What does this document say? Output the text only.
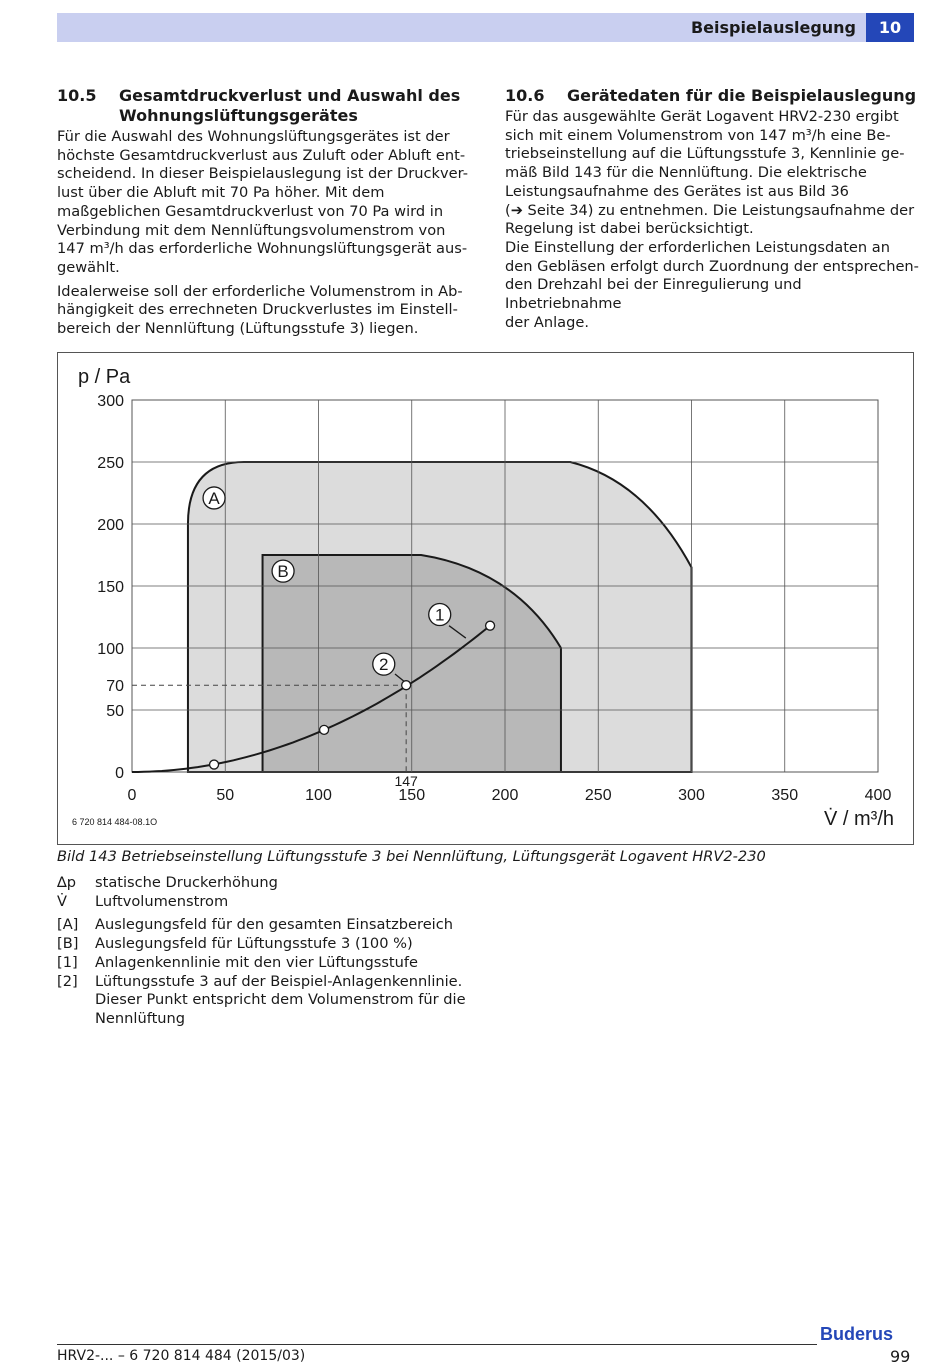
Beispielauslegung	10
10.5	Gesamtdruckverlust und Auswahl des
Wohnungslüftungsgerätes
Für die Auswahl des Wohnungslüftungsgerätes ist der
höchste Gesamtdruckverlust aus Zuluft oder Abluft ent-
scheidend. In dieser Beispielauslegung ist der Druckver-
lust über die Abluft mit 70 Pa höher. Mit dem
maßgeblichen Gesamtdruckverlust von 70 Pa wird in
Verbindung mit dem Nennlüftungsvolumenstrom von
147 m³/h das erforderliche Wohnungslüftungsgerät aus-
gewählt.
Idealerweise soll der erforderliche Volumenstrom in Ab-
hängigkeit des errechneten Druckverlustes im Einstell-
bereich der Nennlüftung (Lüftungsstufe 3) liegen.
10.6	Gerätedaten für die Beispielauslegung
Für das ausgewählte Gerät Logavent HRV2-230 ergibt
sich mit einem Volumenstrom von 147 m³/h eine Be-
triebseinstellung auf die Lüftungsstufe 3, Kennlinie ge-
mäß Bild 143 für die Nennlüftung. Die elektrische
Leistungsaufnahme des Gerätes ist aus Bild 36
(➔ Seite 34) zu entnehmen. Die Leistungsaufnahme der
Regelung ist dabei berücksichtigt.
Die Einstellung der erforderlichen Leistungsdaten an
den Gebläsen erfolgt durch Zuordnung der entsprechen-
den Drehzahl bei der Einregulierung und Inbetriebnahme
der Anlage.
0	50	100	150	200	250	300	350	400
0
50
70
100
150
200
250
300
A
B
1
2
p / Pa
V̇ / m³/h
147
6 720 814 484-08.1O
Bild 143 Betriebseinstellung Lüftungsstufe 3 bei Nennlüftung, Lüftungsgerät Logavent HRV2-230
∆p statische Druckerhöhung
V̇ Luftvolumenstrom
[A] Auslegungsfeld für den gesamten Einsatzbereich
[B] Auslegungsfeld für Lüftungsstufe 3 (100 %)
[1] Anlagenkennlinie mit den vier Lüftungsstufe
[2] Lüftungsstufe 3 auf der Beispiel-Anlagenkennlinie.
Dieser Punkt entspricht dem Volumenstrom für die
Nennlüftung
HRV2-... – 6 720 814 484 (2015/03)
Buderus
99
